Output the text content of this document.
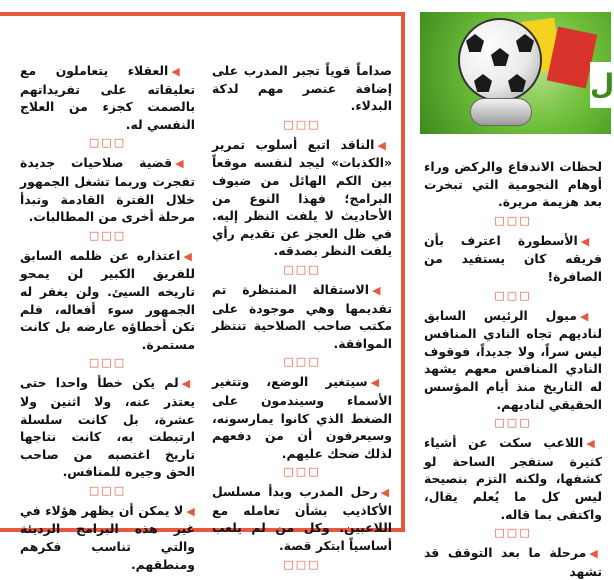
ل

لحظات الاندفاع والركض وراء أوهام النجومية التي تبخرت بعد هزيمة مريرة.

□□□

◀الأسطورة اعترف بأن فريقه كان يستفيد من الصافرة!

□□□

◀ميول الرئيس السابق لناديهم تجاه النادي المنافس ليس سراً، ولا جديداً، فوقوف النادي المنافس معهم يشهد له التاريخ منذ أيام المؤسس الحقيقي لناديهم.

□□□

◀اللاعب سكت عن أشياء كثيرة ستفجر الساحة لو كشفها، ولكنه التزم بنصيحة ليس كل ما يُعلم يقال، واكتفى بما قاله.

□□□

◀مرحلة ما بعد التوقف قد تشهد

صداماً قوياً تجبر المدرب على إضافة عنصر مهم لدكة البدلاء.

□□□

◀الناقد اتبع أسلوب تمرير «الكذبات» ليجد لنفسه موقعاً بين الكم الهائل من ضيوف البرامج؛ فهذا النوع من الأحاديث لا يلفت النظر إليه. في ظل العجز عن تقديم رأي يلفت النظر بصدقه.

□□□

◀الاستقالة المنتظرة تم تقديمها وهي موجودة على مكتب صاحب الصلاحية تنتظر الموافقة.

□□□

◀سيتغير الوضع، وتتغير الأسماء وسيندمون على الضغط الذي كانوا يمارسونه، وسيعرفون أن من دفعهم لذلك ضحك عليهم.

□□□

◀رحل المدرب وبدأ مسلسل الأكاذيب بشأن تعامله مع اللاعبين. وكل من لم يلعب أساسياً ابتكر قصة.

□□□

◀العقلاء يتعاملون مع تعليقاته على تفريداتهم بالصمت كجزء من العلاج النفسي له.

□□□

◀قضية صلاحيات جديدة تفجرت وربما تشغل الجمهور خلال الفترة القادمة وتبدأ مرحلة أخرى من المطالبات.

□□□

◀اعتذاره عن ظلمه السابق للفريق الكبير لن يمحو تاريخه السيئ. ولن يغفر له الجمهور سوء أفعاله، فلم تكن أخطاؤه عارضه بل كانت مستمرة.

□□□

◀لم يكن خطأ واحدا حتى يعتذر عنه، ولا اثنين ولا عشرة، بل كانت سلسلة ارتبطت به، كانت نتاجها تاريخ اغتصبه من صاحب الحق وجيره للمنافس.

□□□

◀لا يمكن أن يظهر هؤلاء في غير هذه البرامج الرديئة والتي تناسب فكرهم ومنطقهم.
